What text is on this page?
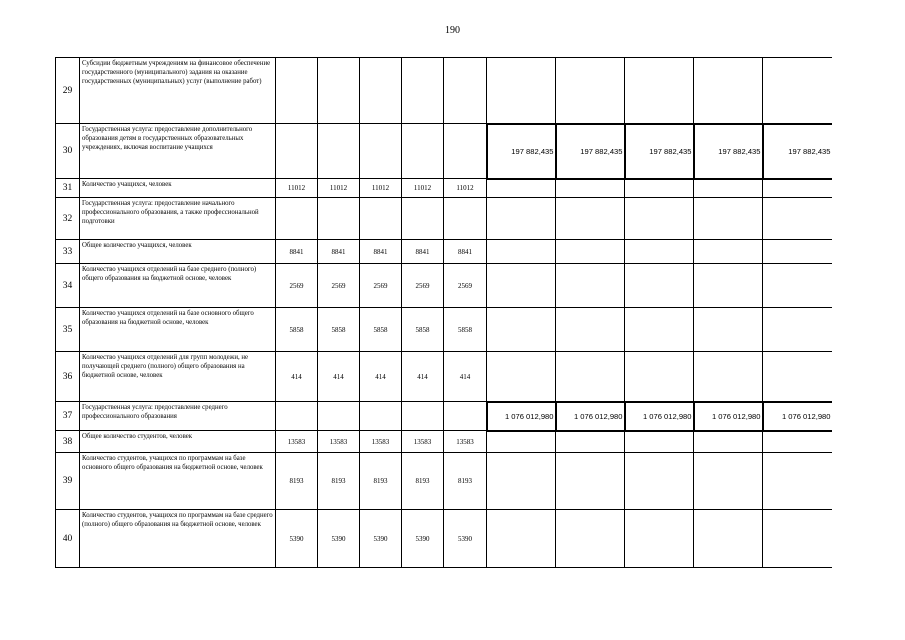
190
29	Субсидии бюджетным учреждениям на финансовое обеспечение государственного (муниципального) задания на оказание государственных (муниципальных) услуг (выполнение работ)										
30	Государственная услуга: предоставление дополнительного образования детям в государственных образовательных учреждениях, включая воспитание учащихся						197 882,435	197 882,435	197 882,435	197 882,435	197 882,435
31	Количество учащихся, человек	11012	11012	11012	11012	11012					
32	Государственная услуга: предоставление начального профессионального образования, а также профессиональной подготовки										
33	Общее количество учащихся, человек	8841	8841	8841	8841	8841					
34	Количество учащихся отделений на базе среднего (полного) общего образования на бюджетной основе, человек	2569	2569	2569	2569	2569					
35	Количество учащихся отделений на базе основного общего образования на бюджетной основе, человек	5858	5858	5858	5858	5858					
36	Количество учащихся отделений для групп молодежи, не получающей среднего (полного) общего образования на бюджетной основе, человек	414	414	414	414	414					
37	Государственная услуга: предоставление среднего профессионального образования						1 076 012,980	1 076 012,980	1 076 012,980	1 076 012,980	1 076 012,980
38	Общее количество студентов, человек	13583	13583	13583	13583	13583					
39	Количество студентов, учащихся по программам на базе основного общего образования на бюджетной основе, человек	8193	8193	8193	8193	8193					
40	Количество студентов, учащихся по программам на базе среднего (полного) общего образования на бюджетной основе, человек	5390	5390	5390	5390	5390					
